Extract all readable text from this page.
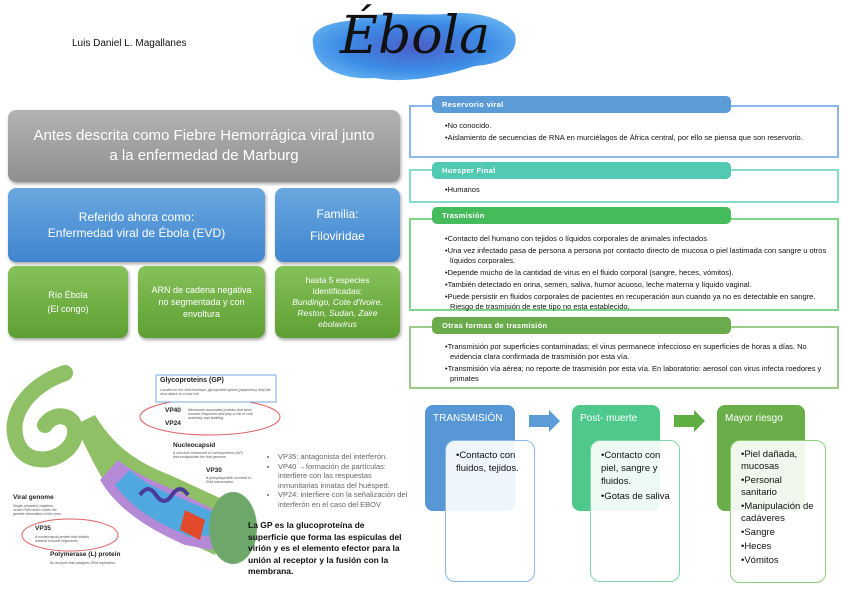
Luis Daniel L. Magallanes	Ébola
Antes descrita como Fiebre Hemorrágica viral junto a la enfermedad de Marburg
Referido ahora como:
Enfermedad viral de Ébola (EVD)
Familia:
Filoviridae
Río Ébola
(El congo)
ARN de cadena negativa no segmentada y con envoltura
hasta 5 especies identificadas:
Bundingo, Cote d'Ivoire, Reston, Sudan, Zaire ebolavirus

•No conocido.

•Aislamiento de secuencias de RNA en murciélagos de África central, por ello se piensa que son reservorio.

Reservorio viral

•Humanos

Huesper Final

•Contacto del humano con tejidos o líquidos corporales de animales infectados

•Una vez infectado pasa de persona a persona por contacto directo de mucosa o piel lastimada con sangre u otros líquidos corporales.

•Depende mucho de la cantidad de virus en el fluido corporal (sangre, heces, vómitos).

•También detectado en orina, semen, saliva, humor acuoso, leche materna y líquido vaginal.

•Puede persistir en fluidos corporales de pacientes en recuperación aun cuando ya no es detectable en sangre. Riesgo de trasmisión de este tipo no esta establecido.

Trasmisión

•Transmisión por superficies contaminadas; el virus permanece infeccioso en superficies de horas a días. No evidencia clara confirmada de trasmisión por esta vía.

•Transmisión vía aérea; no reporte de trasmisión por esta vía. En laboratorio: aerosol con virus infecta roedores y primates

Otras formas de trasmisión
TRANSMISIÓN

•Contacto con fluidos, tejidos.

Post- muerte

•Contacto con piel, sangre y fluidos.

•Gotas de saliva

Mayor riesgo

•Piel dañada, mucosas

•Personal sanitario

•Manipulación de cadáveres

•Sangre

•Heces

•Vómitos

Glycoproteins (GP)
Located on the viral envelope, glycoprotein spikes (peplomers) help the virus attach to a host cell.
VP40 Membrane-associated proteins that block immune responses and play a role in viral assembly and budding.
VP24
Nucleocapsid
A structure composed of nucleoproteins (NP) that encapsulate the viral genome.
VP30
A phosphoprotein involved in RNA transcription.
Viral genome
Single-stranded, negative-sense RNA which codes the genetic information of the virus.
VP35
A nucleocapsid protein that inhibits antiviral immune responses.
Polymerase (L) protein
An enzyme that catalyzes RNA replication.
• VP35: antagonista del interferón.
• VP40 →formación de partículas: interfiere con las respuestas inmunitarias innatas del huésped.
• VP24: interfiere con la señalización del interferón en el caso del EBOV
La GP es la glucoproteína de superficie que forma las espículas del virión y es el elemento efector para la unión al receptor y la fusión con la membrana.
